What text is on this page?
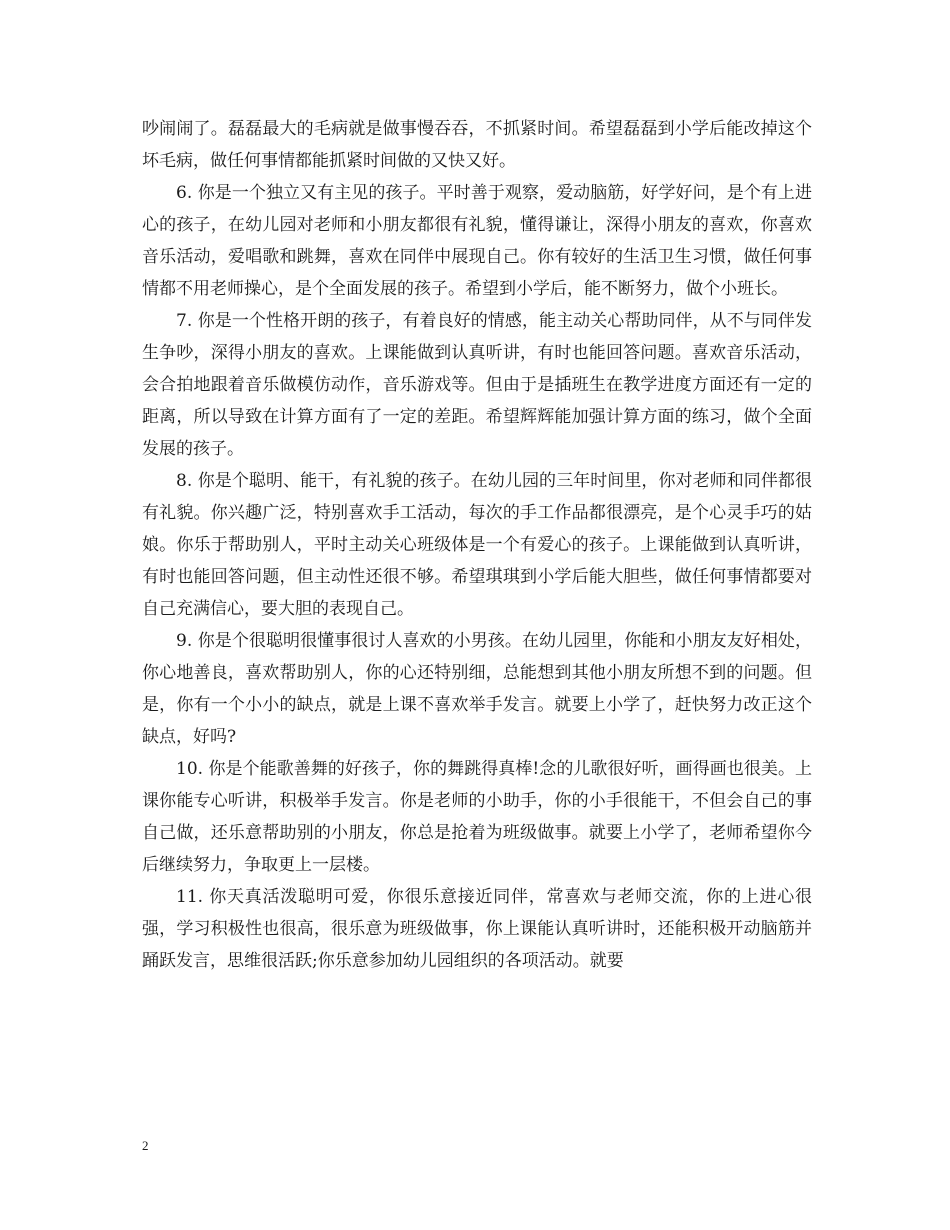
吵闹闹了。磊磊最大的毛病就是做事慢吞吞，不抓紧时间。希望磊磊到小学后能改掉这个坏毛病，做任何事情都能抓紧时间做的又快又好。

6. 你是一个独立又有主见的孩子。平时善于观察，爱动脑筋，好学好问，是个有上进心的孩子，在幼儿园对老师和小朋友都很有礼貌，懂得谦让，深得小朋友的喜欢，你喜欢音乐活动，爱唱歌和跳舞，喜欢在同伴中展现自己。你有较好的生活卫生习惯，做任何事情都不用老师操心，是个全面发展的孩子。希望到小学后，能不断努力，做个小班长。

7. 你是一个性格开朗的孩子，有着良好的情感，能主动关心帮助同伴，从不与同伴发生争吵，深得小朋友的喜欢。上课能做到认真听讲，有时也能回答问题。喜欢音乐活动，会合拍地跟着音乐做模仿动作，音乐游戏等。但由于是插班生在教学进度方面还有一定的距离，所以导致在计算方面有了一定的差距。希望辉辉能加强计算方面的练习，做个全面发展的孩子。

8. 你是个聪明、能干，有礼貌的孩子。在幼儿园的三年时间里，你对老师和同伴都很有礼貌。你兴趣广泛，特别喜欢手工活动，每次的手工作品都很漂亮，是个心灵手巧的姑娘。你乐于帮助别人，平时主动关心班级体是一个有爱心的孩子。上课能做到认真听讲，有时也能回答问题，但主动性还很不够。希望琪琪到小学后能大胆些，做任何事情都要对自己充满信心，要大胆的表现自己。

9. 你是个很聪明很懂事很讨人喜欢的小男孩。在幼儿园里，你能和小朋友友好相处，你心地善良，喜欢帮助别人，你的心还特别细，总能想到其他小朋友所想不到的问题。但是，你有一个小小的缺点，就是上课不喜欢举手发言。就要上小学了，赶快努力改正这个缺点，好吗?

10. 你是个能歌善舞的好孩子，你的舞跳得真棒!念的儿歌很好听，画得画也很美。上课你能专心听讲，积极举手发言。你是老师的小助手，你的小手很能干，不但会自己的事自己做，还乐意帮助别的小朋友，你总是抢着为班级做事。就要上小学了，老师希望你今后继续努力，争取更上一层楼。

11. 你天真活泼聪明可爱，你很乐意接近同伴，常喜欢与老师交流，你的上进心很强，学习积极性也很高，很乐意为班级做事，你上课能认真听讲时，还能积极开动脑筋并踊跃发言，思维很活跃;你乐意参加幼儿园组织的各项活动。就要

2
